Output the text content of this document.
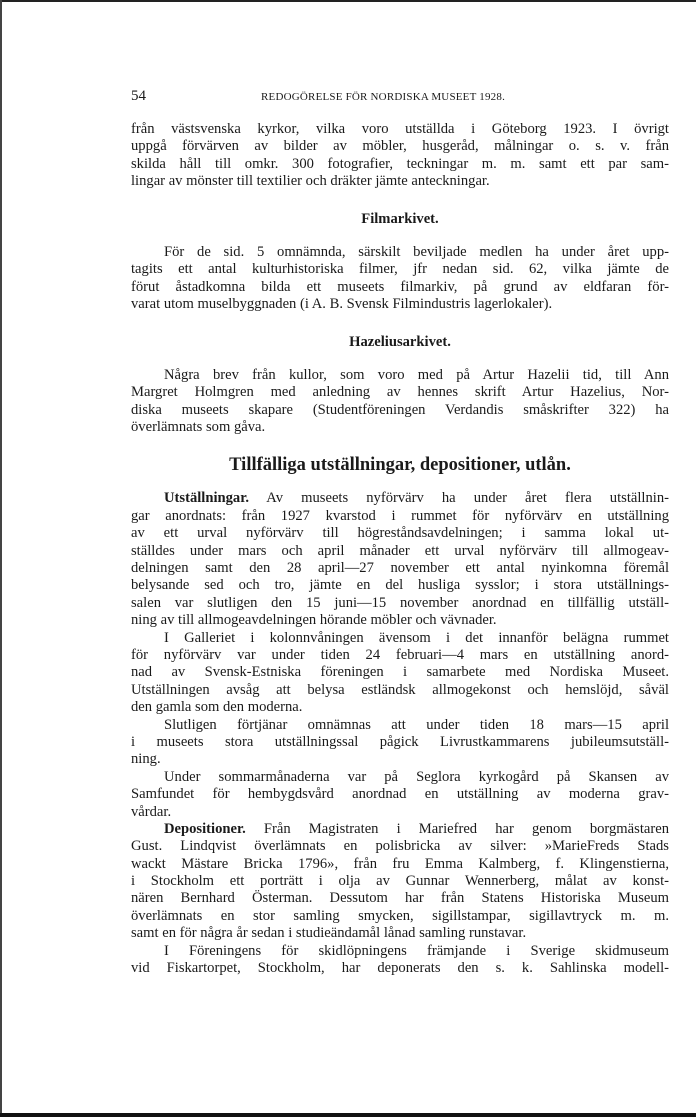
54	REDOGÖRELSE FÖR NORDISKA MUSEET 1928.
från västsvenska kyrkor, vilka voro utställda i Göteborg 1923. I övrigt
uppgå förvärven av bilder av möbler, husgeråd, målningar o. s. v. från
skilda håll till omkr. 300 fotografier, teckningar m. m. samt ett par sam-
lingar av mönster till textilier och dräkter jämte anteckningar.
Filmarkivet.
För de sid. 5 omnämnda, särskilt beviljade medlen ha under året upp-
tagits ett antal kulturhistoriska filmer, jfr nedan sid. 62, vilka jämte de
förut åstadkomna bilda ett museets filmarkiv, på grund av eldfaran för-
varat utom muselbyggnaden (i A. B. Svensk Filmindustris lagerlokaler).
Hazeliusarkivet.
Några brev från kullor, som voro med på Artur Hazelii tid, till Ann
Margret Holmgren med anledning av hennes skrift Artur Hazelius, Nor-
diska museets skapare (Studentföreningen Verdandis småskrifter 322) ha
överlämnats som gåva.
Tillfälliga utställningar, depositioner, utlån.
Utställningar. Av museets nyförvärv ha under året flera utställnin-
gar anordnats: från 1927 kvarstod i rummet för nyförvärv en utställning
av ett urval nyförvärv till högreståndsavdelningen; i samma lokal ut-
ställdes under mars och april månader ett urval nyförvärv till allmogeav-
delningen samt den 28 april—27 november ett antal nyinkomna föremål
belysande sed och tro, jämte en del husliga sysslor; i stora utställnings-
salen var slutligen den 15 juni—15 november anordnad en tillfällig utställ-
ning av till allmogeavdelningen hörande möbler och vävnader.
I Galleriet i kolonnvåningen ävensom i det innanför belägna rummet
för nyförvärv var under tiden 24 februari—4 mars en utställning anord-
nad av Svensk-Estniska föreningen i samarbete med Nordiska Museet.
Utställningen avsåg att belysa estländsk allmogekonst och hemslöjd, såväl
den gamla som den moderna.
Slutligen förtjänar omnämnas att under tiden 18 mars—15 april
i museets stora utställningssal pågick Livrustkammarens jubileumsutställ-
ning.
Under sommarmånaderna var på Seglora kyrkogård på Skansen av
Samfundet för hembygdsvård anordnad en utställning av moderna grav-
vårdar.
Depositioner. Från Magistraten i Mariefred har genom borgmästaren
Gust. Lindqvist överlämnats en polisbricka av silver: »MarieFreds Stads
wackt Mästare Bricka 1796», från fru Emma Kalmberg, f. Klingenstierna,
i Stockholm ett porträtt i olja av Gunnar Wennerberg, målat av konst-
nären Bernhard Österman. Dessutom har från Statens Historiska Museum
överlämnats en stor samling smycken, sigillstampar, sigillavtryck m. m.
samt en för några år sedan i studieändamål lånad samling runstavar.
I Föreningens för skidlöpningens främjande i Sverige skidmuseum
vid Fiskartorpet, Stockholm, har deponerats den s. k. Sahlinska modell-
